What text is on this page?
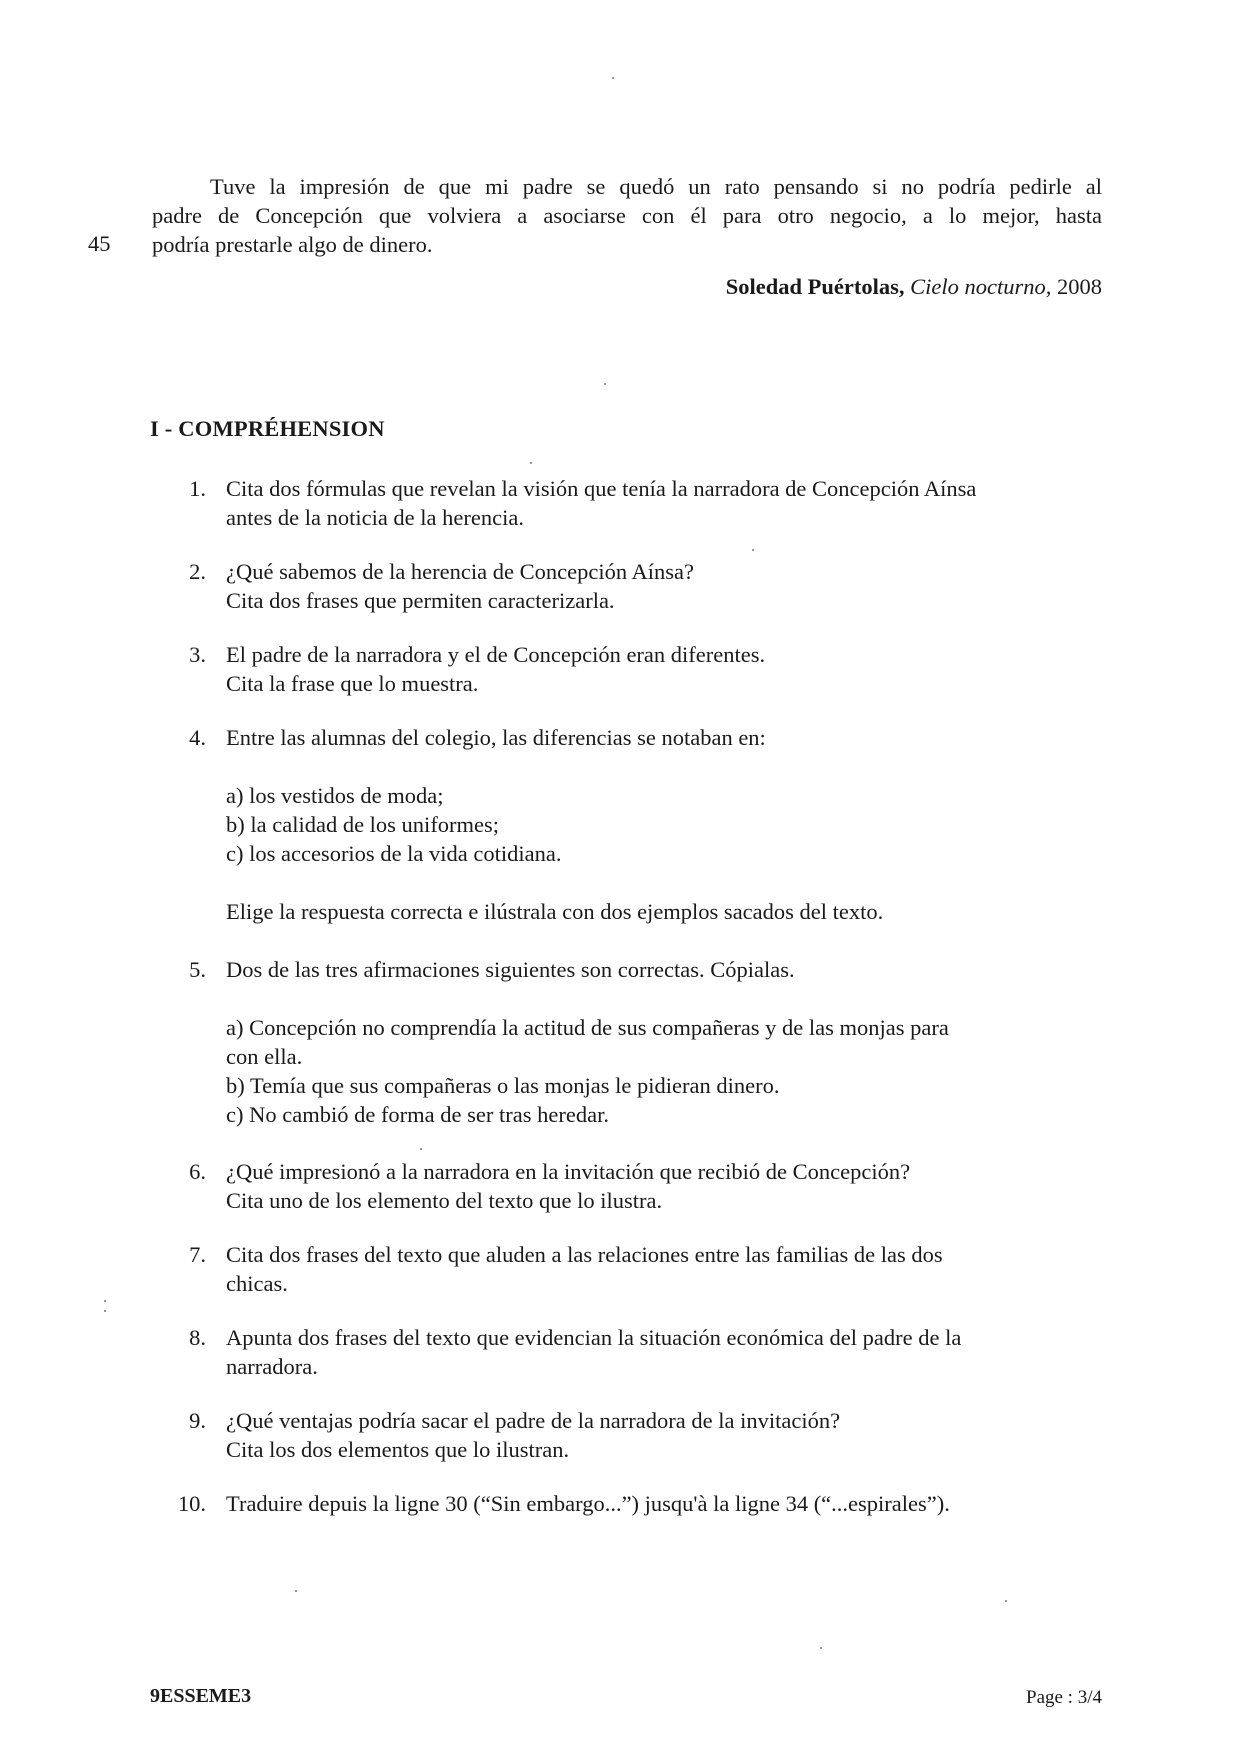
Tuve la impresión de que mi padre se quedó un rato pensando si no podría pedirle al
padre de Concepción que volviera a asociarse con él para otro negocio, a lo mejor, hasta
podría prestarle algo de dinero.
45
Soledad Puértolas, Cielo nocturno, 2008
I - COMPRÉHENSION
1. Cita dos fórmulas que revelan la visión que tenía la narradora de Concepción Aínsa
antes de la noticia de la herencia.
2. ¿Qué sabemos de la herencia de Concepción Aínsa?
Cita dos frases que permiten caracterizarla.
3. El padre de la narradora y el de Concepción eran diferentes.
Cita la frase que lo muestra.
4. Entre las alumnas del colegio, las diferencias se notaban en:
a) los vestidos de moda;
b) la calidad de los uniformes;
c) los accesorios de la vida cotidiana.
Elige la respuesta correcta e ilústrala con dos ejemplos sacados del texto.
5. Dos de las tres afirmaciones siguientes son correctas. Cópialas.
a) Concepción no comprendía la actitud de sus compañeras y de las monjas para
con ella.
b) Temía que sus compañeras o las monjas le pidieran dinero.
c) No cambió de forma de ser tras heredar.
6. ¿Qué impresionó a la narradora en la invitación que recibió de Concepción?
Cita uno de los elemento del texto que lo ilustra.
7. Cita dos frases del texto que aluden a las relaciones entre las familias de las dos
chicas.
8. Apunta dos frases del texto que evidencian la situación económica del padre de la
narradora.
9. ¿Qué ventajas podría sacar el padre de la narradora de la invitación?
Cita los dos elementos que lo ilustran.
10. Traduire depuis la ligne 30 (“Sin embargo...”) jusqu'à la ligne 34 (“...espirales”).
9ESSEME3	Page : 3/4
